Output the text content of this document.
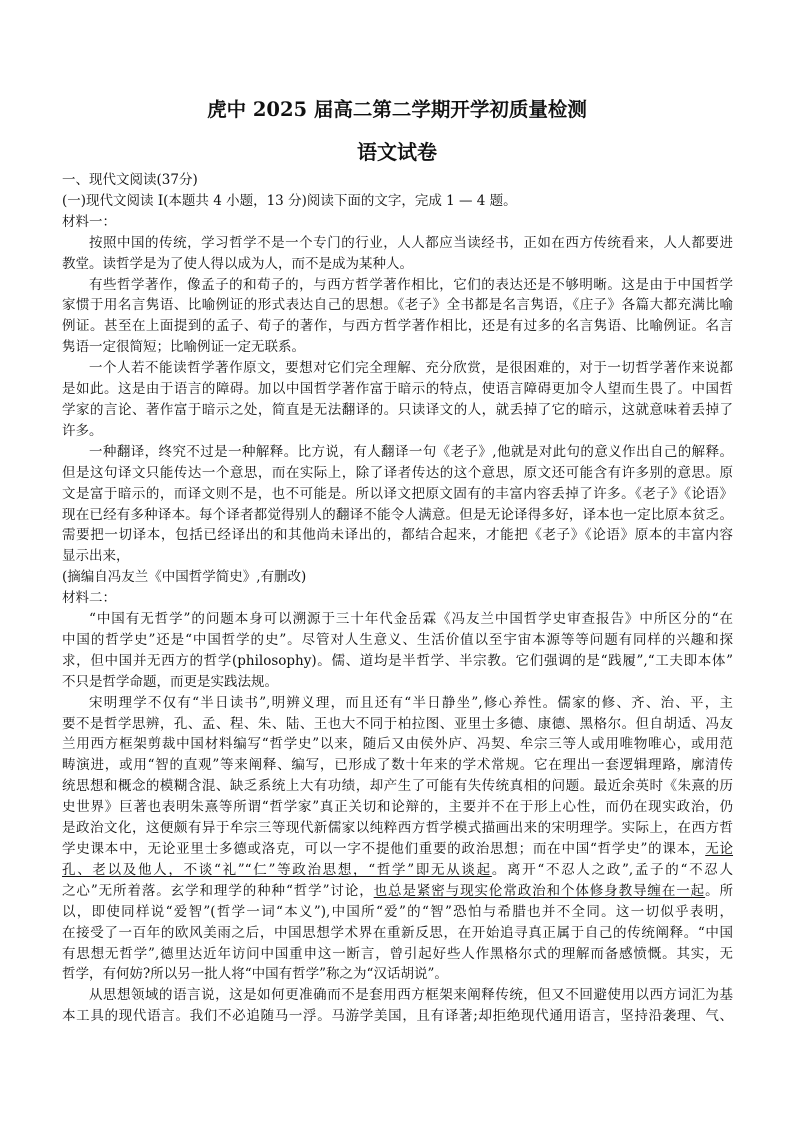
虎中 2025 届高二第二学期开学初质量检测
语文试卷
一、现代文阅读(37分)
(一)现代文阅读 I(本题共 4 小题，13 分)阅读下面的文字，完成 1 — 4 题。
材料一：
按照中国的传统，学习哲学不是一个专门的行业，人人都应当读经书，正如在西方传统看来，人人都要进
教堂。读哲学是为了使人得以成为人，而不是成为某种人。
有些哲学著作，像孟子的和荀子的，与西方哲学著作相比，它们的表达还是不够明晰。这是由于中国哲学
家惯于用名言隽语、比喻例证的形式表达自己的思想。《老子》全书都是名言隽语，《庄子》各篇大都充满比喻
例证。甚至在上面提到的孟子、荀子的著作，与西方哲学著作相比，还是有过多的名言隽语、比喻例证。名言
隽语一定很简短；比喻例证一定无联系。
一个人若不能读哲学著作原文，要想对它们完全理解、充分欣赏，是很困难的，对于一切哲学著作来说都
是如此。这是由于语言的障碍。加以中国哲学著作富于暗示的特点，使语言障碍更加令人望而生畏了。中国哲
学家的言论、著作富于暗示之处，简直是无法翻译的。只读译文的人，就丢掉了它的暗示，这就意味着丢掉了
许多。
一种翻译，终究不过是一种解释。比方说，有人翻译一句《老子》,他就是对此句的意义作出自己的解释。
但是这句译文只能传达一个意思，而在实际上，除了译者传达的这个意思，原文还可能含有许多别的意思。原
文是富于暗示的，而译文则不是，也不可能是。所以译文把原文固有的丰富内容丢掉了许多。《老子》《论语》
现在已经有多种译本。每个译者都觉得别人的翻译不能令人满意。但是无论译得多好，译本也一定比原本贫乏。
需要把一切译本，包括已经译出的和其他尚未译出的，都结合起来，才能把《老子》《论语》原本的丰富内容
显示出来，
(摘编自冯友兰《中国哲学简史》,有删改)
材料二：
“中国有无哲学”的问题本身可以溯源于三十年代金岳霖《冯友兰中国哲学史审查报告》中所区分的“在
中国的哲学史”还是“中国哲学的史”。尽管对人生意义、生活价值以至宇宙本源等等问题有同样的兴趣和探
求，但中国并无西方的哲学(philosophy)。儒、道均是半哲学、半宗教。它们强调的是“践履”,“工夫即本体”
不只是哲学命题，而更是实践法规。
宋明理学不仅有“半日读书”,明辨义理，而且还有“半日静坐”,修心养性。儒家的修、齐、治、平，主
要不是哲学思辨，孔、孟、程、朱、陆、王也大不同于柏拉图、亚里士多德、康德、黑格尔。但自胡适、冯友
兰用西方框架剪裁中国材料编写“哲学史”以来，随后又由侯外庐、冯契、牟宗三等人或用唯物唯心，或用范
畴演进，或用“智的直观”等来阐释、编写，已形成了数十年来的学术常规。它在理出一套逻辑理路，廓清传
统思想和概念的模糊含混、缺乏系统上大有功绩，却产生了可能有失传统真相的问题。最近余英时《朱熹的历
史世界》巨著也表明朱熹等所谓“哲学家”真正关切和论辩的，主要并不在于形上心性，而仍在现实政治，仍
是政治文化，这便颇有异于牟宗三等现代新儒家以纯粹西方哲学模式描画出来的宋明理学。实际上，在西方哲
学史课本中，无论亚里士多德或洛克，可以一字不提他们重要的政治思想；而在中国“哲学史”的课本，无论
孔、老以及他人，不谈“礼”“仁”等政治思想，“哲学”即无从谈起。离开“不忍人之政”,孟子的“不忍人
之心”无所着落。玄学和理学的种种“哲学”讨论，也总是紧密与现实伦常政治和个体修身教导缠在一起。所
以，即使同样说“爱智”(哲学一词“本义”),中国所“爱”的“智”恐怕与希腊也并不全同。这一切似乎表明，
在接受了一百年的欧风美雨之后，中国思想学术界在重新反思，在开始追寻真正属于自己的传统阐释。“中国
有思想无哲学”,德里达近年访问中国重申这一断言，曾引起好些人作黑格尔式的理解而备感愤慨。其实，无
哲学，有何妨?所以另一批人将“中国有哲学”称之为“汉话胡说”。
从思想领域的语言说，这是如何更准确而不是套用西方框架来阐释传统，但又不回避使用以西方词汇为基
本工具的现代语言。我们不必追随马一浮。马游学美国，且有译著;却拒绝现代通用语言，坚持沿袭理、气、
